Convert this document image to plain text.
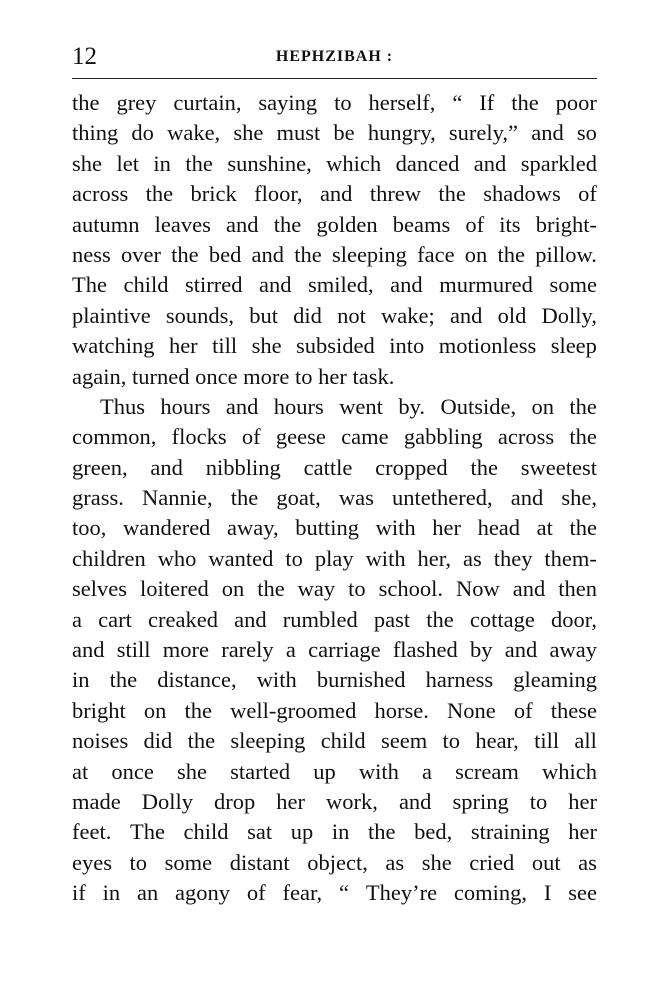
12	HEPHZIBAH :
the grey curtain, saying to herself, “ If the poor
thing do wake, she must be hungry, surely,” and so
she let in the sunshine, which danced and sparkled
across the brick floor, and threw the shadows of
autumn leaves and the golden beams of its bright-
ness over the bed and the sleeping face on the pillow.
The child stirred and smiled, and murmured some
plaintive sounds, but did not wake; and old Dolly,
watching her till she subsided into motionless sleep
again, turned once more to her task.
Thus hours and hours went by. Outside, on the
common, flocks of geese came gabbling across the
green, and nibbling cattle cropped the sweetest
grass. Nannie, the goat, was untethered, and she,
too, wandered away, butting with her head at the
children who wanted to play with her, as they them-
selves loitered on the way to school. Now and then
a cart creaked and rumbled past the cottage door,
and still more rarely a carriage flashed by and away
in the distance, with burnished harness gleaming
bright on the well-groomed horse. None of these
noises did the sleeping child seem to hear, till all
at once she started up with a scream which
made Dolly drop her work, and spring to her
feet. The child sat up in the bed, straining her
eyes to some distant object, as she cried out as
if in an agony of fear, “ They’re coming, I see
